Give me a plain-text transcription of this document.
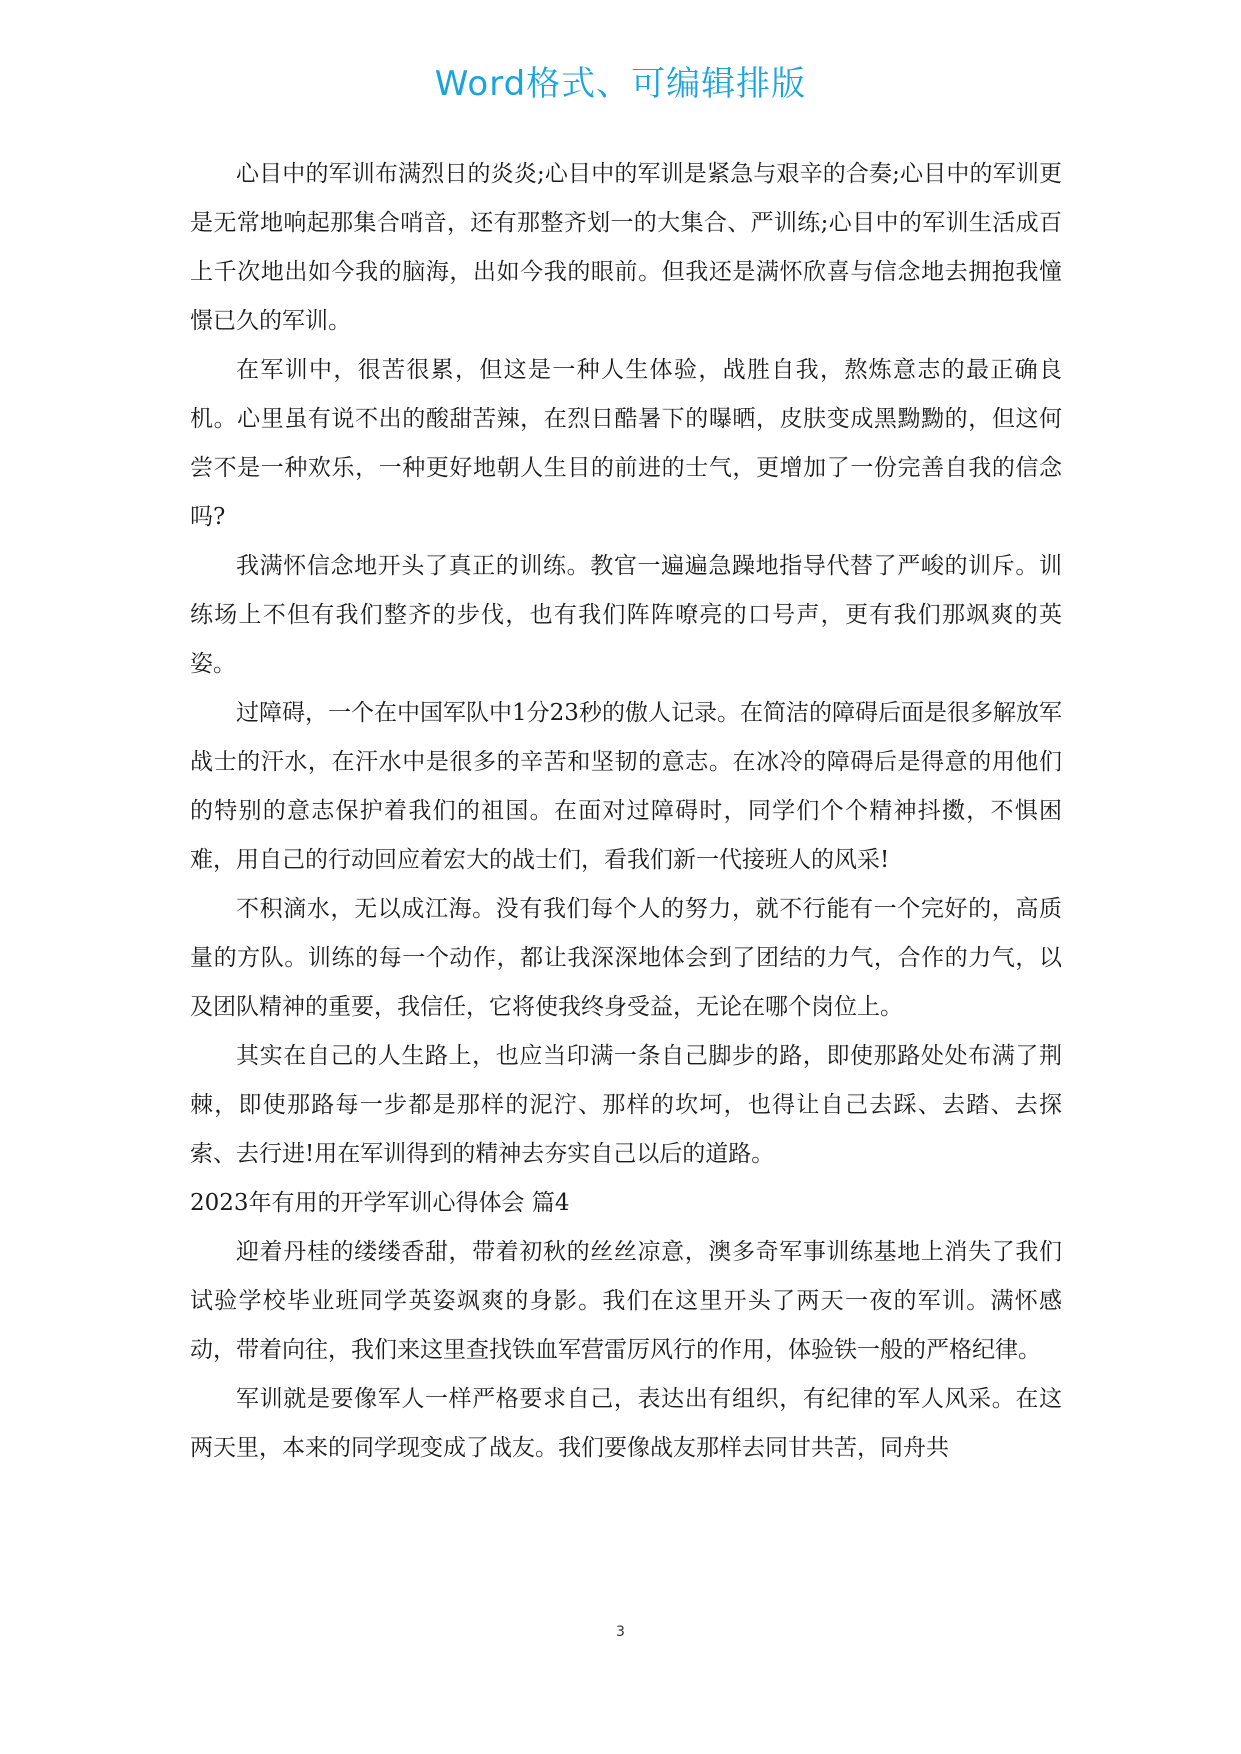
Word格式、可编辑排版

心目中的军训布满烈日的炎炎;心目中的军训是紧急与艰辛的合奏;心目中的军训更是无常地响起那集合哨音，还有那整齐划一的大集合、严训练;心目中的军训生活成百上千次地出如今我的脑海，出如今我的眼前。但我还是满怀欣喜与信念地去拥抱我憧憬已久的军训。

在军训中，很苦很累，但这是一种人生体验，战胜自我，熬炼意志的最正确良机。心里虽有说不出的酸甜苦辣，在烈日酷暑下的曝晒，皮肤变成黑黝黝的，但这何尝不是一种欢乐，一种更好地朝人生目的前进的士气，更增加了一份完善自我的信念吗?

我满怀信念地开头了真正的训练。教官一遍遍急躁地指导代替了严峻的训斥。训练场上不但有我们整齐的步伐，也有我们阵阵嘹亮的口号声，更有我们那飒爽的英姿。

过障碍，一个在中国军队中1分23秒的傲人记录。在简洁的障碍后面是很多解放军战士的汗水，在汗水中是很多的辛苦和坚韧的意志。在冰冷的障碍后是得意的用他们的特别的意志保护着我们的祖国。在面对过障碍时，同学们个个精神抖擞，不惧困难，用自己的行动回应着宏大的战士们，看我们新一代接班人的风采!

不积滴水，无以成江海。没有我们每个人的努力，就不行能有一个完好的，高质量的方队。训练的每一个动作，都让我深深地体会到了团结的力气，合作的力气，以及团队精神的重要，我信任，它将使我终身受益，无论在哪个岗位上。

其实在自己的人生路上，也应当印满一条自己脚步的路，即使那路处处布满了荆棘，即使那路每一步都是那样的泥泞、那样的坎坷，也得让自己去踩、去踏、去探索、去行进!用在军训得到的精神去夯实自己以后的道路。

2023年有用的开学军训心得体会 篇4

迎着丹桂的缕缕香甜，带着初秋的丝丝凉意，澳多奇军事训练基地上消失了我们试验学校毕业班同学英姿飒爽的身影。我们在这里开头了两天一夜的军训。满怀感动，带着向往，我们来这里查找铁血军营雷厉风行的作用，体验铁一般的严格纪律。

军训就是要像军人一样严格要求自己，表达出有组织，有纪律的军人风采。在这两天里，本来的同学现变成了战友。我们要像战友那样去同甘共苦，同舟共

3
